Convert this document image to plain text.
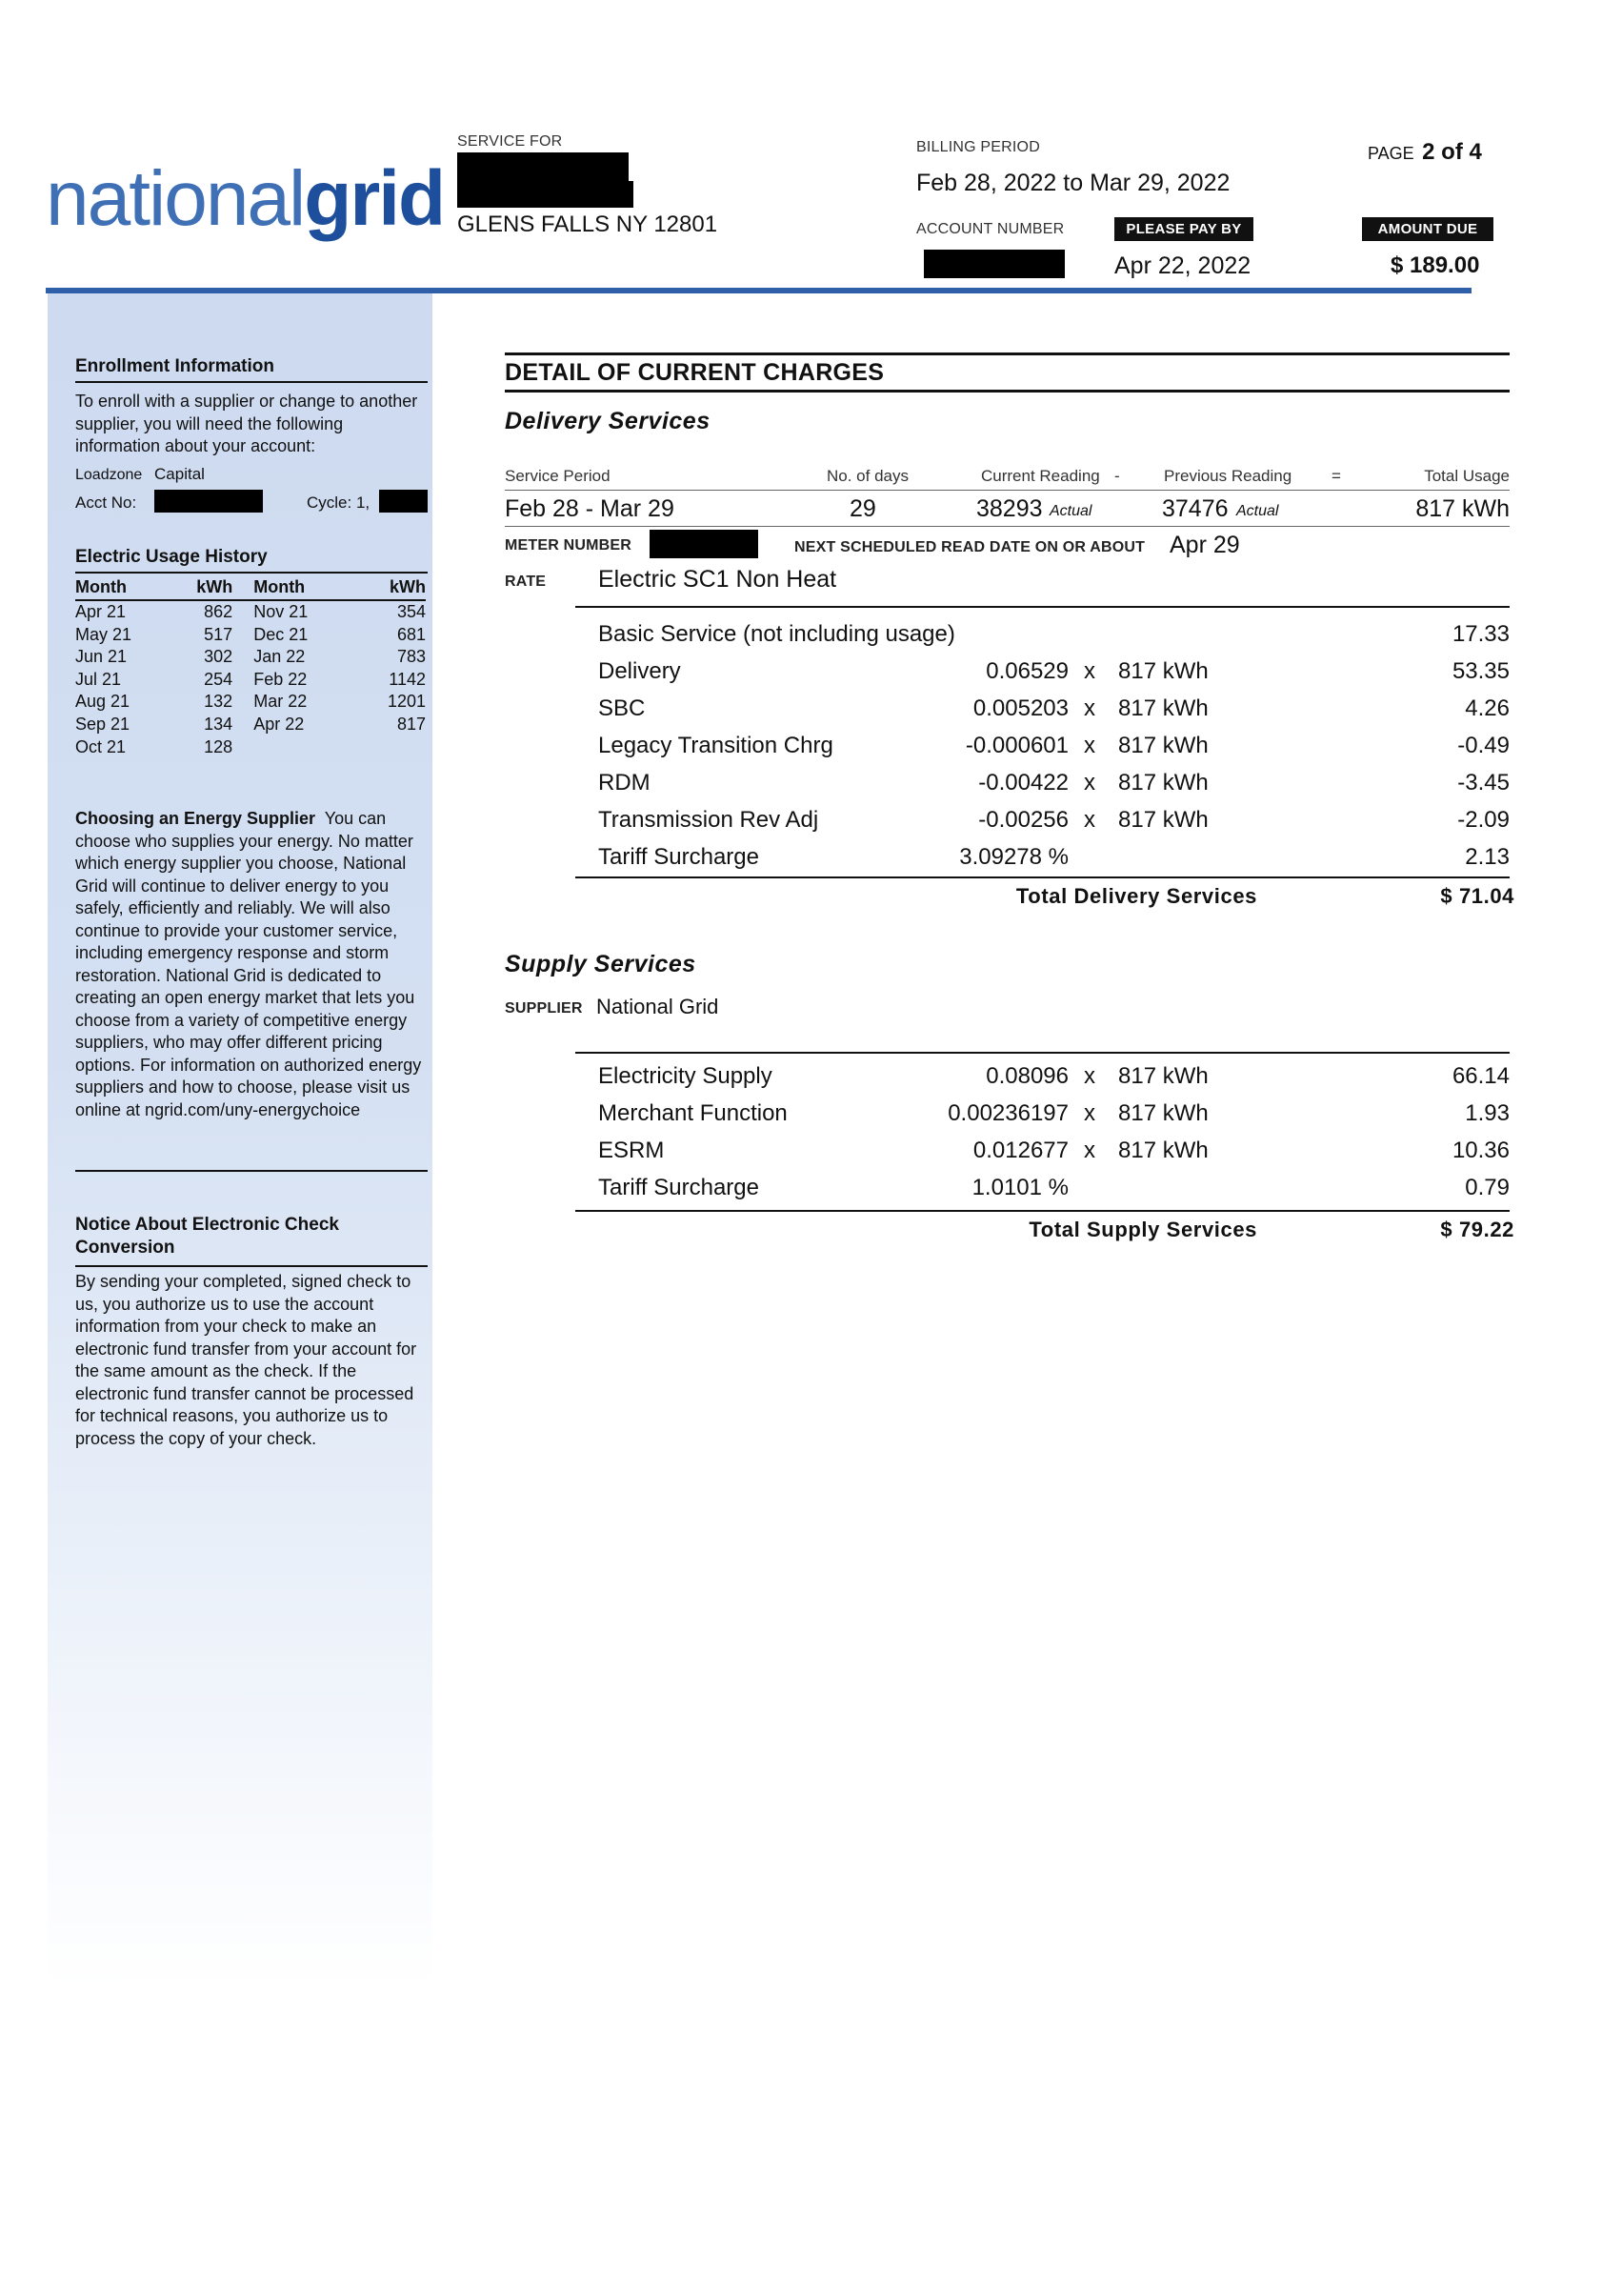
nationalgrid
SERVICE FOR
GLENS FALLS NY 12801
BILLING PERIOD
Feb 28, 2022 to Mar 29, 2022
PAGE 2 of 4
ACCOUNT NUMBER	PLEASE PAY BY
Apr 22, 2022
AMOUNT DUE
$ 189.00
Enrollment Information
To enroll with a supplier or change to another supplier, you will need the following information about your account:
Loadzone Capital
Acct No:	Cycle: 1,
Electric Usage History
Month	kWh	Month	kWh
Apr 21	862	Nov 21	354
May 21	517	Dec 21	681
Jun 21	302	Jan 22	783
Jul 21	254	Feb 22	1142
Aug 21	132	Mar 22	1201
Sep 21	134	Apr 22	817
Oct 21	128		
Choosing an Energy Supplier You can choose who supplies your energy. No matter which energy supplier you choose, National Grid will continue to deliver energy to you safely, efficiently and reliably. We will also continue to provide your customer service, including emergency response and storm restoration. National Grid is dedicated to creating an open energy market that lets you choose from a variety of competitive energy suppliers, who may offer different pricing options. For information on authorized energy suppliers and how to choose, please visit us online at ngrid.com/uny-energychoice
Notice About Electronic Check Conversion
By sending your completed, signed check to us, you authorize us to use the account information from your check to make an electronic fund transfer from your account for the same amount as the check. If the electronic fund transfer cannot be processed for technical reasons, you authorize us to process the copy of your check.
DETAIL OF CURRENT CHARGES
Delivery Services
Service Period	No. of days	Current Reading -	Previous Reading =	Total Usage
Feb 28 - Mar 29	29	38293 Actual	37476 Actual	817 kWh
METER NUMBER	NEXT SCHEDULED READ DATE ON OR ABOUT Apr 29
RATE Electric SC1 Non Heat
Basic Service (not including usage)	17.33
Delivery	0.06529 x	817 kWh	53.35
SBC	0.005203 x	817 kWh	4.26
Legacy Transition Chrg	-0.000601 x	817 kWh	-0.49
RDM	-0.00422 x	817 kWh	-3.45
Transmission Rev Adj	-0.00256 x	817 kWh	-2.09
Tariff Surcharge	3.09278 %	2.13
Total Delivery Services	$ 71.04
Supply Services
SUPPLIER National Grid
Electricity Supply	0.08096 x	817 kWh	66.14
Merchant Function	0.00236197 x	817 kWh	1.93
ESRM	0.012677 x	817 kWh	10.36
Tariff Surcharge	1.0101 %	0.79
Total Supply Services	$ 79.22
